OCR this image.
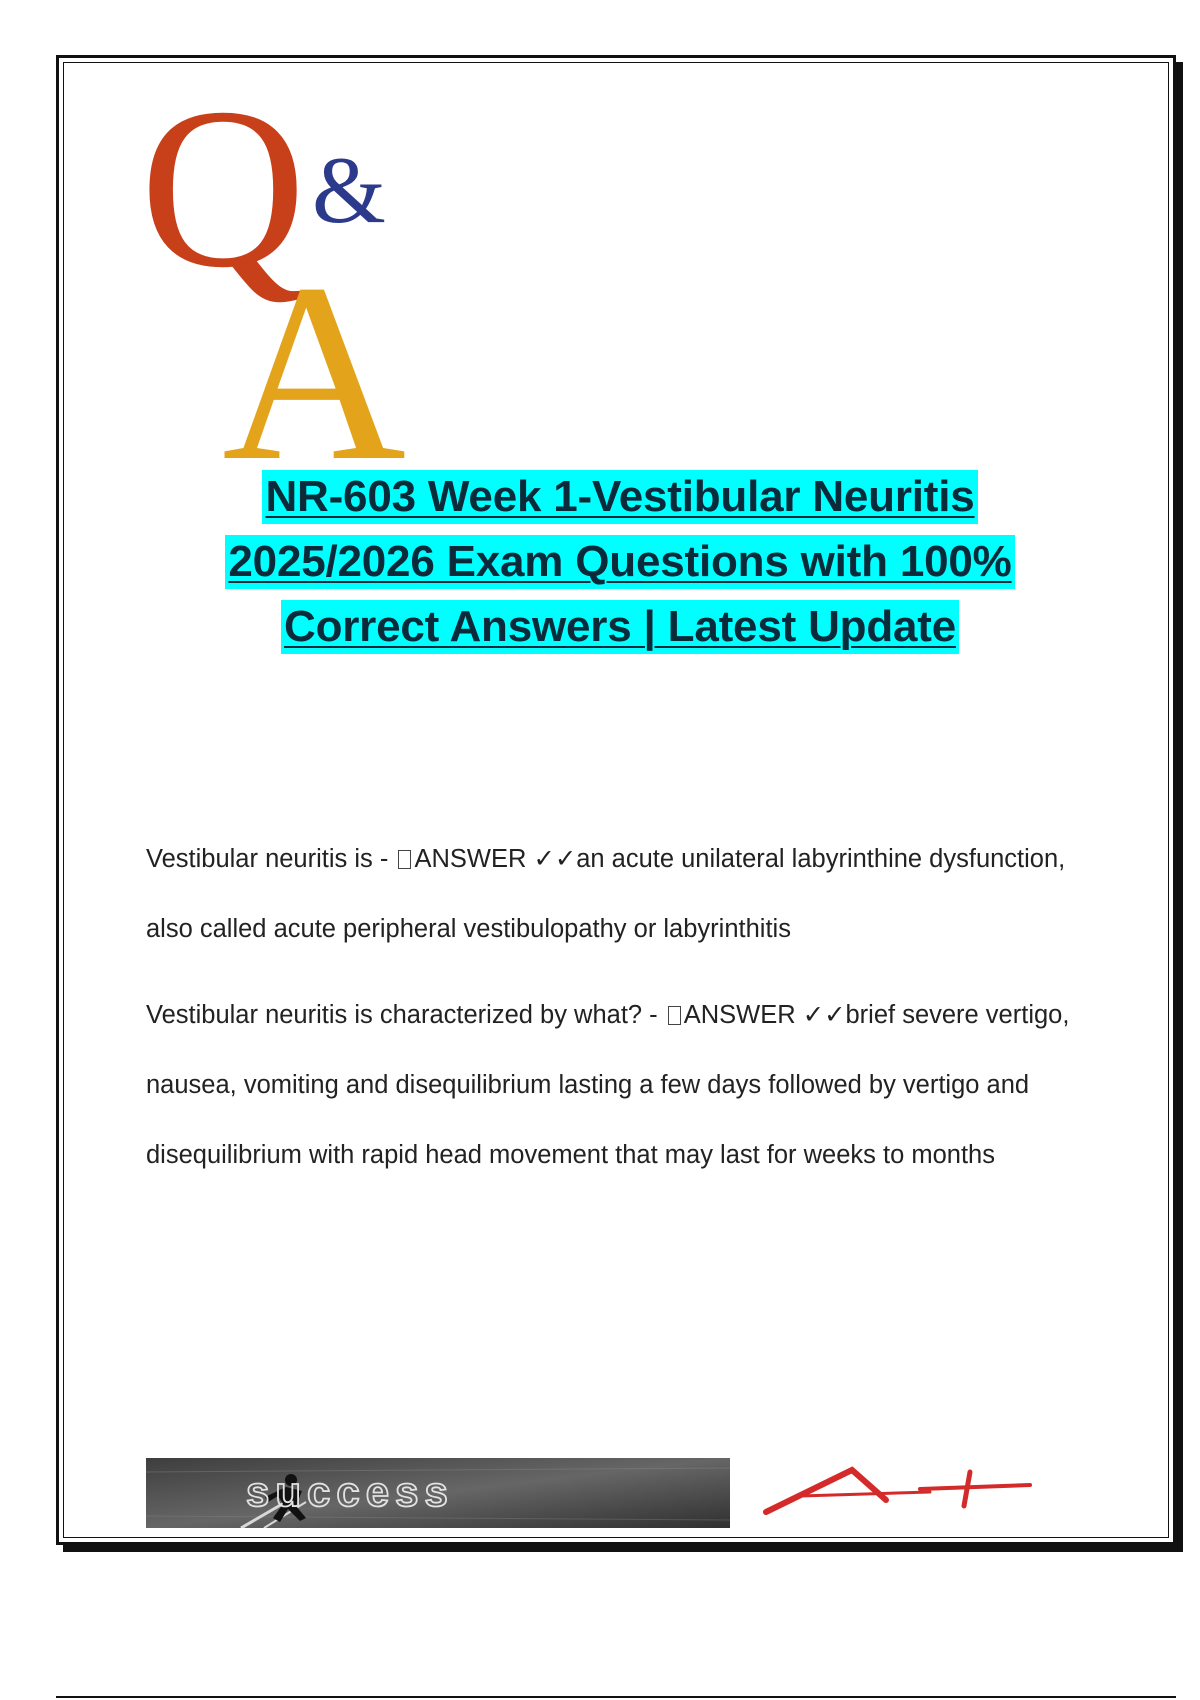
Q &
A
NR-603 Week 1-Vestibular Neuritis
2025/2026 Exam Questions with 100%
Correct Answers | Latest Update

Vestibular neuritis is - ANSWER ✓✓an acute unilateral labyrinthine dysfunction, also called acute peripheral vestibulopathy or labyrinthitis

Vestibular neuritis is characterized by what? - ANSWER ✓✓brief severe vertigo, nausea, vomiting and disequilibrium lasting a few days followed by vertigo and disequilibrium with rapid head movement that may last for weeks to months

success
